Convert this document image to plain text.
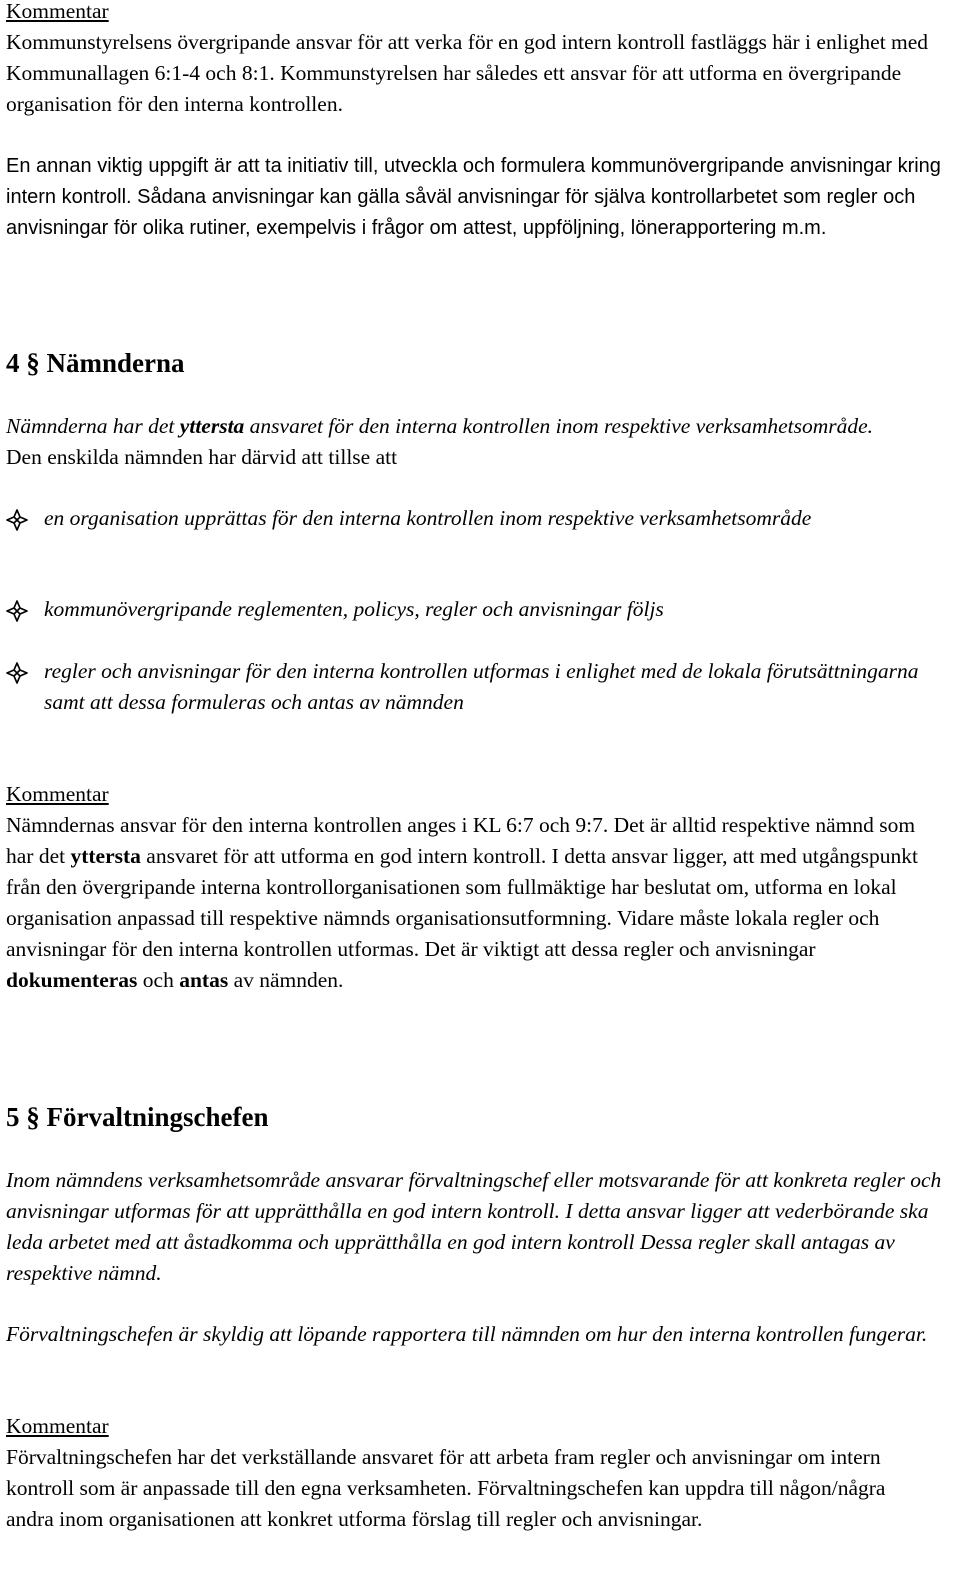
Kommentar

Kommunstyrelsens övergripande ansvar för att verka för en god intern kontroll fastläggs här i enlighet med Kommunallagen 6:1-4 och 8:1. Kommunstyrelsen har således ett ansvar för att utforma en övergripande organisation för den interna kontrollen.

En annan viktig uppgift är att ta initiativ till, utveckla och formulera kommunövergripande anvisningar kring intern kontroll. Sådana anvisningar kan gälla såväl anvisningar för själva kontrollarbetet som regler och anvisningar för olika rutiner, exempelvis i frågor om attest, uppföljning, lönerapportering m.m.

4 § Nämnderna

Nämnderna har det yttersta ansvaret för den interna kontrollen inom respektive verksamhetsområde. Den enskilda nämnden har därvid att tillse att

en organisation upprättas för den interna kontrollen inom respektive verksamhetsområde
kommunövergripande reglementen, policys, regler och anvisningar följs
regler och anvisningar för den interna kontrollen utformas i enlighet med de lokala förutsättningarna samt att dessa formuleras och antas av nämnden
Kommentar

Nämndernas ansvar för den interna kontrollen anges i KL 6:7 och 9:7. Det är alltid respektive nämnd som har det yttersta ansvaret för att utforma en god intern kontroll. I detta ansvar ligger, att med utgångspunkt från den övergripande interna kontrollorganisationen som fullmäktige har beslutat om, utforma en lokal organisation anpassad till respektive nämnds organisationsutformning. Vidare måste lokala regler och anvisningar för den interna kontrollen utformas. Det är viktigt att dessa regler och anvisningar dokumenteras och antas av nämnden.

5 § Förvaltningschefen

Inom nämndens verksamhetsområde ansvarar förvaltningschef eller motsvarande för att konkreta regler och anvisningar utformas för att upprätthålla en god intern kontroll. I detta ansvar ligger att vederbörande ska leda arbetet med att åstadkomma och upprätthålla en god intern kontroll Dessa regler skall antagas av respektive nämnd.

Förvaltningschefen är skyldig att löpande rapportera till nämnden om hur den interna kontrollen fungerar.

Kommentar

Förvaltningschefen har det verkställande ansvaret för att arbeta fram regler och anvisningar om intern kontroll som är anpassade till den egna verksamheten. Förvaltningschefen kan uppdra till någon/några andra inom organisationen att konkret utforma förslag till regler och anvisningar.
